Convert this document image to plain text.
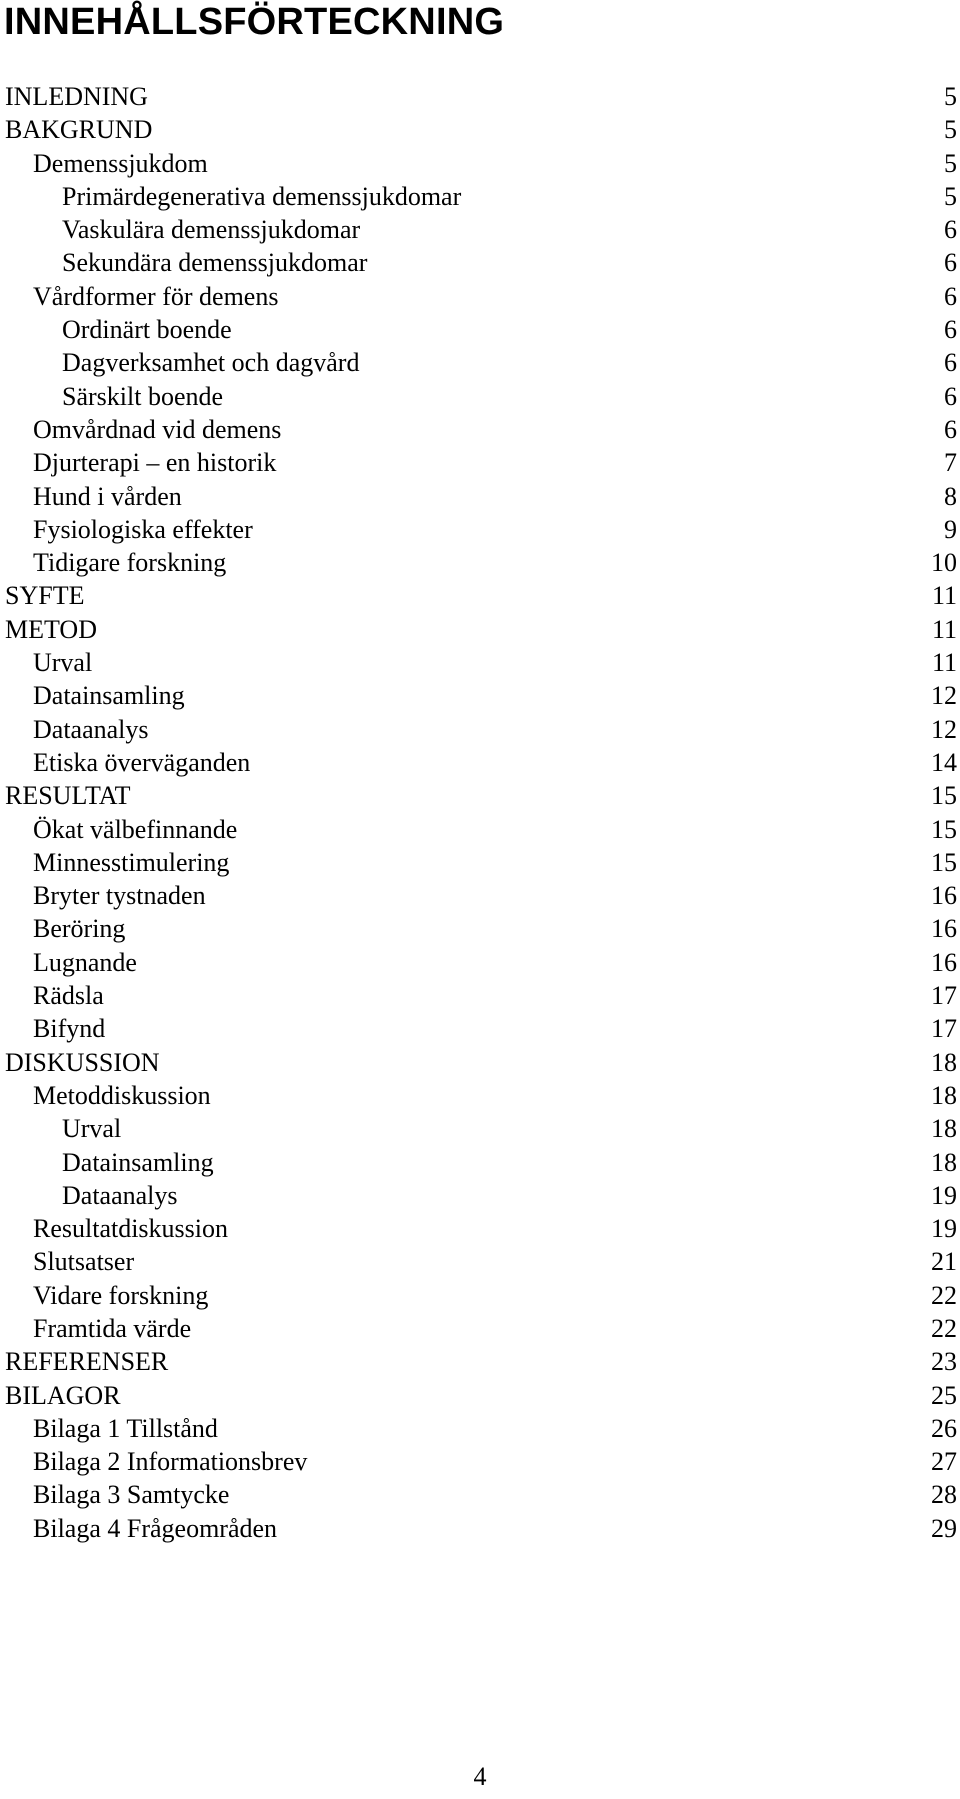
INNEHÅLLSFÖRTECKNING
INLEDNING	5
BAKGRUND	5
Demenssjukdom	5
Primärdegenerativa demenssjukdomar	5
Vaskulära demenssjukdomar	6
Sekundära demenssjukdomar	6
Vårdformer för demens	6
Ordinärt boende	6
Dagverksamhet och dagvård	6
Särskilt boende	6
Omvårdnad vid demens	6
Djurterapi – en historik	7
Hund i vården	8
Fysiologiska effekter	9
Tidigare forskning	10
SYFTE	11
METOD	11
Urval	11
Datainsamling	12
Dataanalys	12
Etiska överväganden	14
RESULTAT	15
Ökat välbefinnande	15
Minnesstimulering	15
Bryter tystnaden	16
Beröring	16
Lugnande	16
Rädsla	17
Bifynd	17
DISKUSSION	18
Metoddiskussion	18
Urval	18
Datainsamling	18
Dataanalys	19
Resultatdiskussion	19
Slutsatser	21
Vidare forskning	22
Framtida värde	22
REFERENSER	23
BILAGOR	25
Bilaga 1 Tillstånd	26
Bilaga 2 Informationsbrev	27
Bilaga 3 Samtycke	28
Bilaga 4 Frågeområden	29
4
